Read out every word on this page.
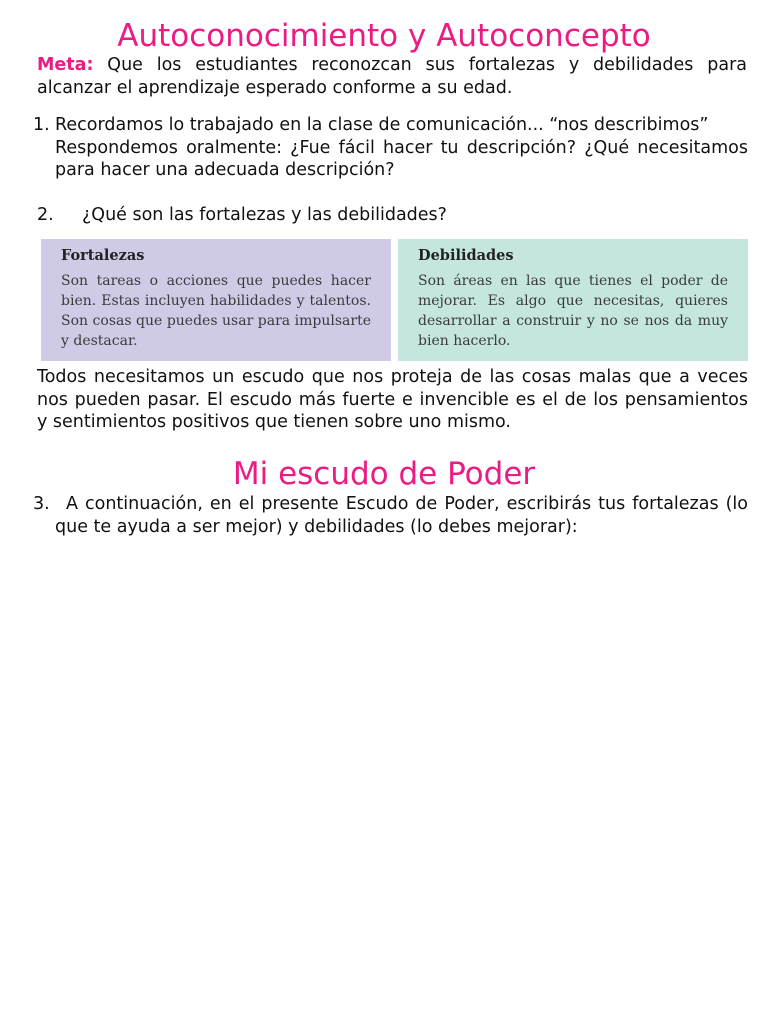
Autoconocimiento y Autoconcepto

Meta: Que los estudiantes reconozcan sus fortalezas y debilidades para alcanzar el aprendizaje esperado conforme a su edad.

1. Recordamos lo trabajado en la clase de comunicación... “nos describimos”
Respondemos oralmente: ¿Fue fácil hacer tu descripción? ¿Qué necesitamos para hacer una adecuada descripción?
2. ¿Qué son las fortalezas y las debilidades?

Fortalezas

Son tareas o acciones que puedes hacer bien. Estas incluyen habilidades y talentos. Son cosas que puedes usar para impulsarte y destacar.

Debilidades

Son áreas en las que tienes el poder de mejorar. Es algo que necesitas, quieres desarrollar a construir y no se nos da muy bien hacerlo.

Todos necesitamos un escudo que nos proteja de las cosas malas que a veces nos pueden pasar. El escudo más fuerte e invencible es el de los pensamientos y sentimientos positivos que tienen sobre uno mismo.

Mi escudo de Poder
3. A continuación, en el presente Escudo de Poder, escribirás tus fortalezas (lo que te ayuda a ser mejor) y debilidades (lo debes mejorar):
